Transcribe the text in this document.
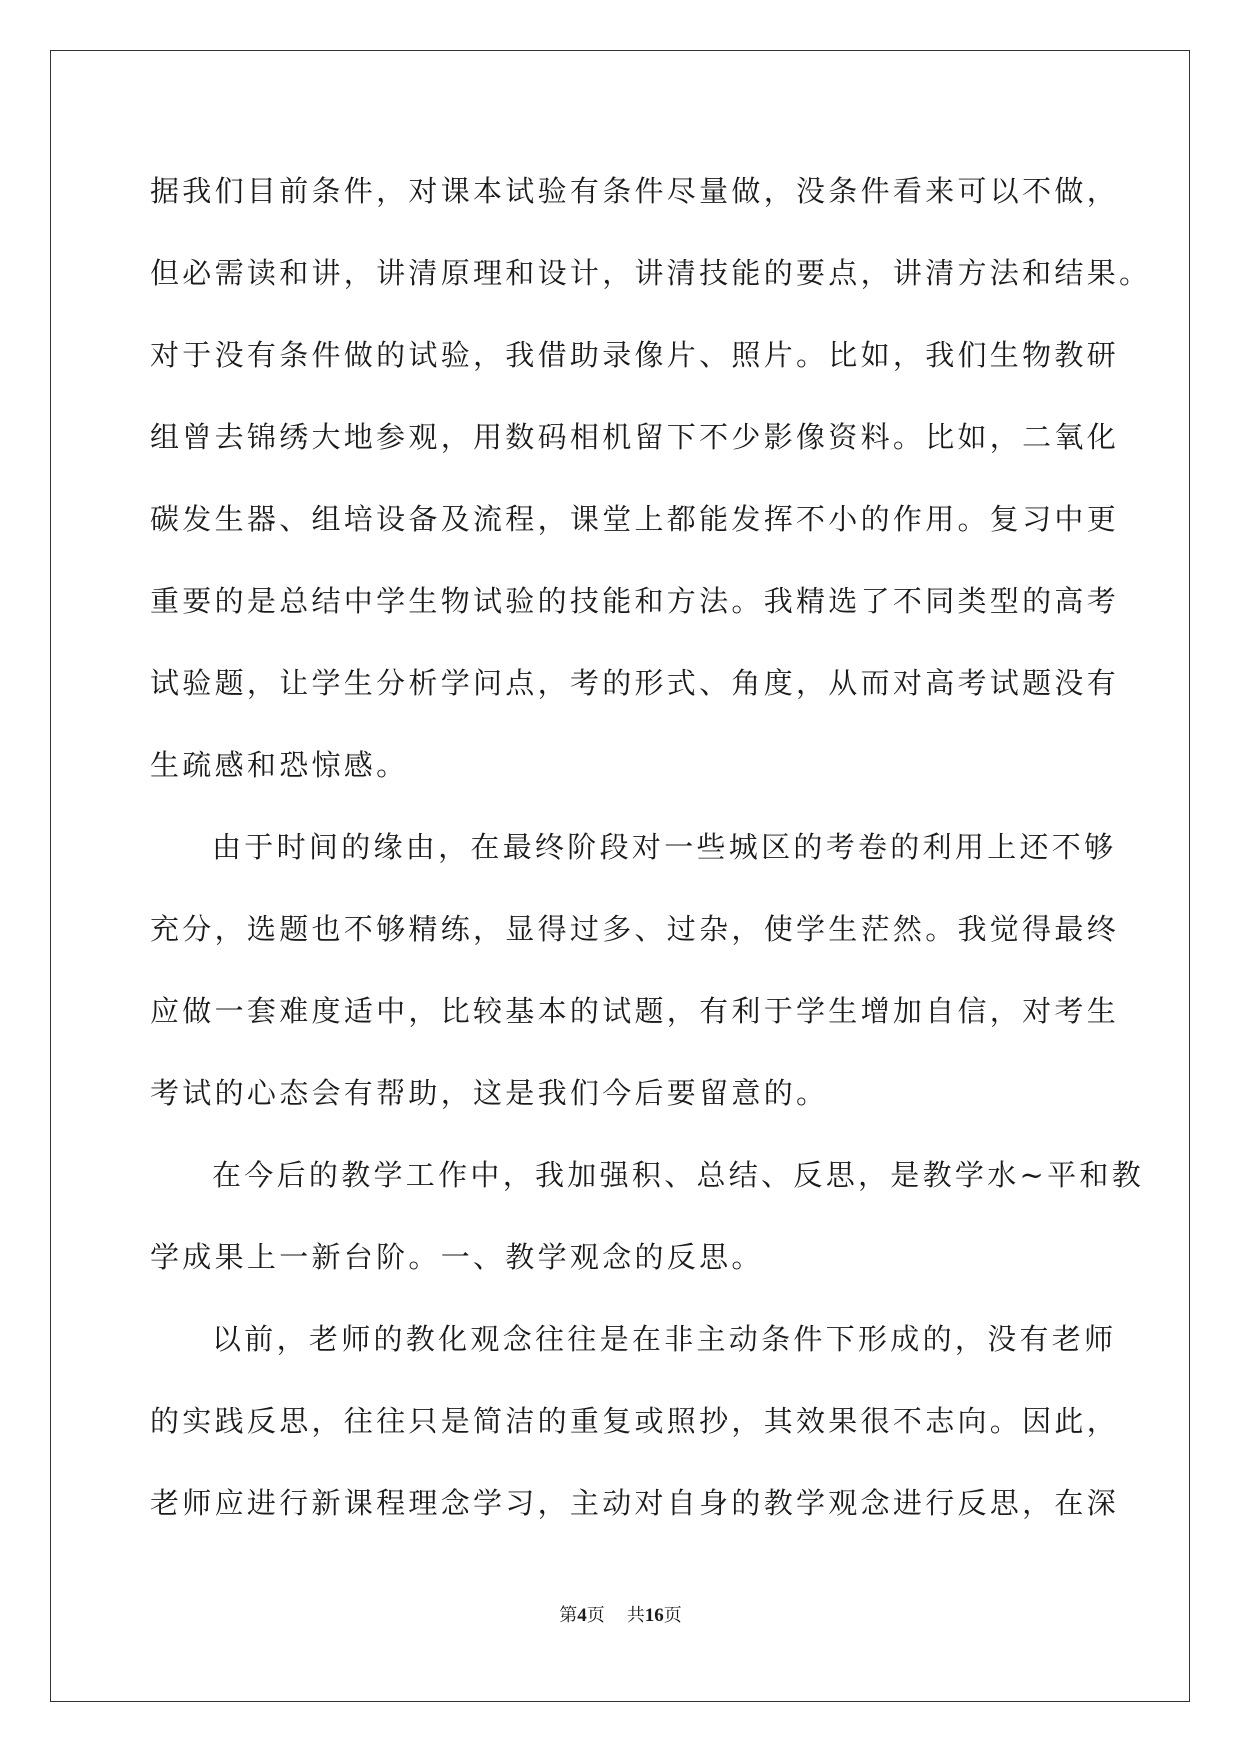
据我们目前条件，对课本试验有条件尽量做，没条件看来可以不做，
但必需读和讲，讲清原理和设计，讲清技能的要点，讲清方法和结果。
对于没有条件做的试验，我借助录像片、照片。比如，我们生物教研
组曾去锦绣大地参观，用数码相机留下不少影像资料。比如，二氧化
碳发生器、组培设备及流程，课堂上都能发挥不小的作用。复习中更
重要的是总结中学生物试验的技能和方法。我精选了不同类型的高考
试验题，让学生分析学问点，考的形式、角度，从而对高考试题没有
生疏感和恐惊感。
由于时间的缘由，在最终阶段对一些城区的考卷的利用上还不够
充分，选题也不够精练，显得过多、过杂，使学生茫然。我觉得最终
应做一套难度适中，比较基本的试题，有利于学生增加自信，对考生
考试的心态会有帮助，这是我们今后要留意的。
在今后的教学工作中，我加强积、总结、反思，是教学水~平和教
学成果上一新台阶。一、教学观念的反思。
以前，老师的教化观念往往是在非主动条件下形成的，没有老师
的实践反思，往往只是简洁的重复或照抄，其效果很不志向。因此，
老师应进行新课程理念学习，主动对自身的教学观念进行反思，在深
第4页 共16页
